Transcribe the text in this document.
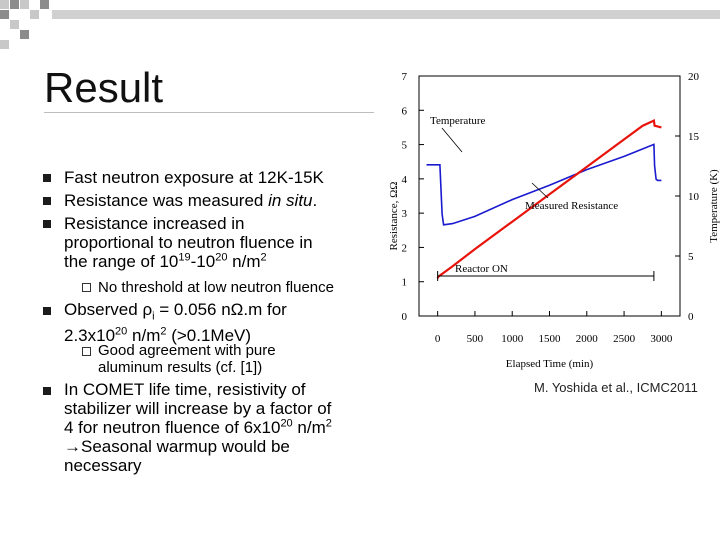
Result
Fast neutron exposure at 12K-15K
Resistance was measured in situ.
Resistance increased in
proportional to neutron fluence in
the range of $10^{19}-10^{20}$ $n/m^2$
No threshold at low neutron fluence
Observed $\rho_i = 0.056$ nΩ.m for
$2.3x10^{20}$ $n/m^2$ (>0.1MeV)
Good agreement with pure
aluminum results (cf. [1])
In COMET life time, resistivity of
stabilizer will increase by a factor of
4 for neutron fluence of $6x10^{20}$ $n/m^2$
→Seasonal warmup would be
necessary
0 500 1000 1500 2000 2500 3000
0
1
2
3
4
5
6
7
0
5
10
15
20
Elapsed Time (min)
Resistance, ΩΩ	Temperature (K)
Temperature
Measured Resistance
Reactor ON
M. Yoshida et al., ICMC2011
